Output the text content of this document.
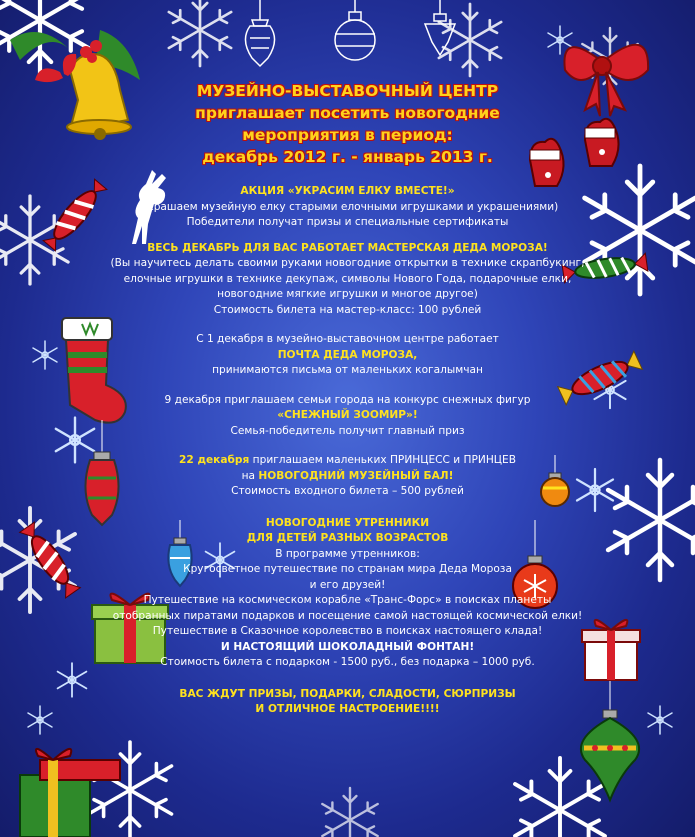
МУЗЕЙНО-ВЫСТАВОЧНЫЙ ЦЕНТР
приглашает посетить новогодние
мероприятия в период:
декабрь 2012 г. - январь 2013 г.
АКЦИЯ «УКРАСИМ ЕЛКУ ВМЕСТЕ!»
(Украшаем музейную елку старыми елочными игрушками и украшениями)
Победители получат призы и специальные сертификаты
ВЕСЬ ДЕКАБРЬ ДЛЯ ВАС РАБОТАЕТ МАСТЕРСКАЯ ДЕДА МОРОЗА!
(Вы научитесь делать своими руками новогодние открытки в технике скрапбукинг,
елочные игрушки в технике декупаж, символы Нового Года, подарочные елки,
новогодние мягкие игрушки и многое другое)
Стоимость билета на мастер-класс: 100 рублей
С 1 декабря в музейно-выставочном центре работает
ПОЧТА ДЕДА МОРОЗА,
принимаются письма от маленьких когалымчан
9 декабря приглашаем семьи города на конкурс снежных фигур
«СНЕЖНЫЙ ЗООМИР»!
Семья-победитель получит главный приз
22 декабря приглашаем маленьких ПРИНЦЕСС и ПРИНЦЕВ
на НОВОГОДНИЙ МУЗЕЙНЫЙ БАЛ!
Стоимость входного билета – 500 рублей
НОВОГОДНИЕ УТРЕННИКИ
ДЛЯ ДЕТЕЙ РАЗНЫХ ВОЗРАСТОВ
В программе утренников:
Кругосветное путешествие по странам мира Деда Мороза
и его друзей!
Путешествие на космическом корабле «Транс-Форс» в поисках планеты
отобранных пиратами подарков и посещение самой настоящей космической елки!
Путешествие в Сказочное королевство в поисках настоящего клада!
И НАСТОЯЩИЙ ШОКОЛАДНЫЙ ФОНТАН!
Стоимость билета с подарком - 1500 руб., без подарка – 1000 руб.
ВАС ЖДУТ ПРИЗЫ, ПОДАРКИ, СЛАДОСТИ, СЮРПРИЗЫ
И ОТЛИЧНОЕ НАСТРОЕНИЕ!!!!
